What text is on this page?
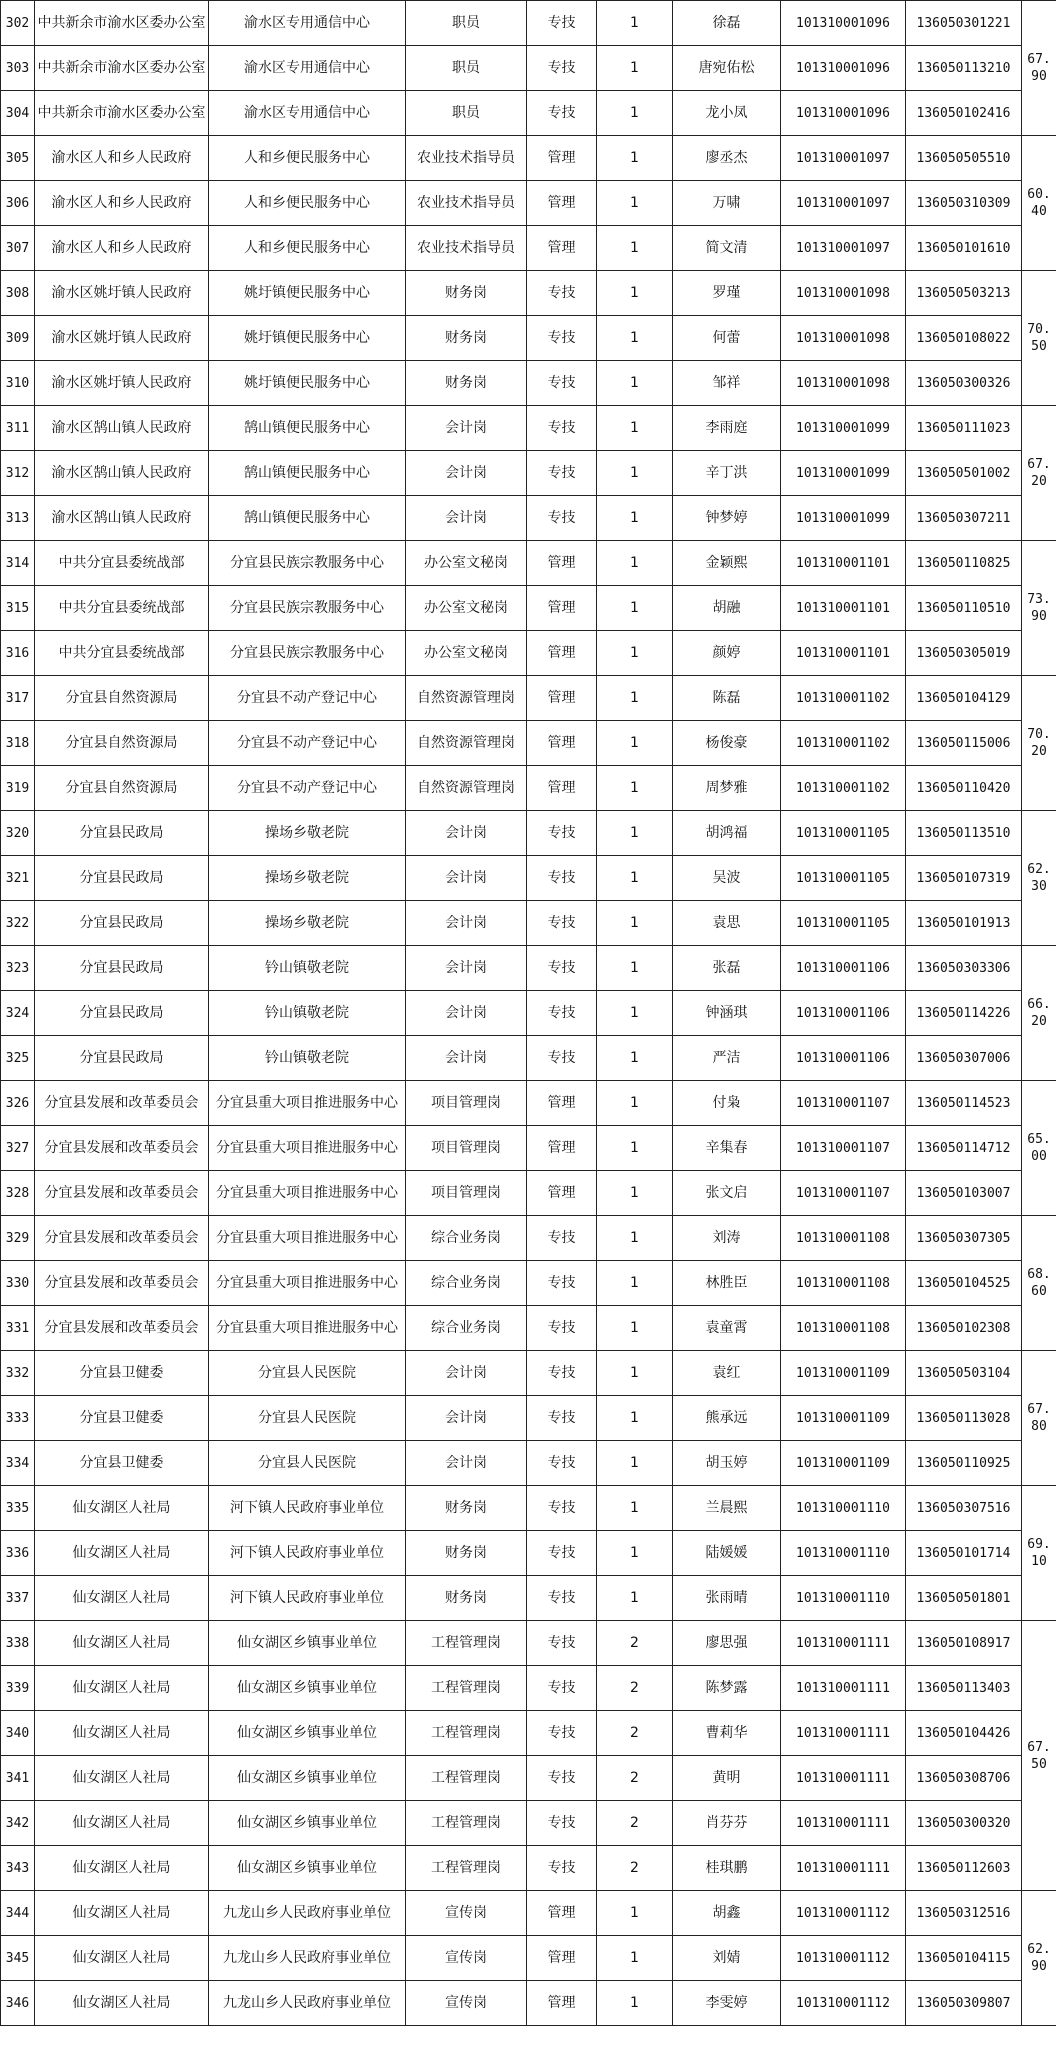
302	中共新余市渝水区委办公室	渝水区专用通信中心	职员	专技	1	徐磊	101310001096	136050301221	67.90
303	中共新余市渝水区委办公室	渝水区专用通信中心	职员	专技	1	唐宛佑松	101310001096	136050113210	
304	中共新余市渝水区委办公室	渝水区专用通信中心	职员	专技	1	龙小凤	101310001096	136050102416	
305	渝水区人和乡人民政府	人和乡便民服务中心	农业技术指导员	管理	1	廖丞杰	101310001097	136050505510	60.40
306	渝水区人和乡人民政府	人和乡便民服务中心	农业技术指导员	管理	1	万啸	101310001097	136050310309	
307	渝水区人和乡人民政府	人和乡便民服务中心	农业技术指导员	管理	1	简文清	101310001097	136050101610	
308	渝水区姚圩镇人民政府	姚圩镇便民服务中心	财务岗	专技	1	罗瑾	101310001098	136050503213	70.50
309	渝水区姚圩镇人民政府	姚圩镇便民服务中心	财务岗	专技	1	何蕾	101310001098	136050108022	
310	渝水区姚圩镇人民政府	姚圩镇便民服务中心	财务岗	专技	1	邹祥	101310001098	136050300326	
311	渝水区鹄山镇人民政府	鹄山镇便民服务中心	会计岗	专技	1	李雨庭	101310001099	136050111023	67.20
312	渝水区鹄山镇人民政府	鹄山镇便民服务中心	会计岗	专技	1	辛丁洪	101310001099	136050501002	
313	渝水区鹄山镇人民政府	鹄山镇便民服务中心	会计岗	专技	1	钟梦婷	101310001099	136050307211	
314	中共分宜县委统战部	分宜县民族宗教服务中心	办公室文秘岗	管理	1	金颖熙	101310001101	136050110825	73.90
315	中共分宜县委统战部	分宜县民族宗教服务中心	办公室文秘岗	管理	1	胡融	101310001101	136050110510	
316	中共分宜县委统战部	分宜县民族宗教服务中心	办公室文秘岗	管理	1	颜婷	101310001101	136050305019	
317	分宜县自然资源局	分宜县不动产登记中心	自然资源管理岗	管理	1	陈磊	101310001102	136050104129	70.20
318	分宜县自然资源局	分宜县不动产登记中心	自然资源管理岗	管理	1	杨俊豪	101310001102	136050115006	
319	分宜县自然资源局	分宜县不动产登记中心	自然资源管理岗	管理	1	周梦雅	101310001102	136050110420	
320	分宜县民政局	操场乡敬老院	会计岗	专技	1	胡鸿福	101310001105	136050113510	62.30
321	分宜县民政局	操场乡敬老院	会计岗	专技	1	吴波	101310001105	136050107319	
322	分宜县民政局	操场乡敬老院	会计岗	专技	1	袁思	101310001105	136050101913	
323	分宜县民政局	钤山镇敬老院	会计岗	专技	1	张磊	101310001106	136050303306	66.20
324	分宜县民政局	钤山镇敬老院	会计岗	专技	1	钟涵琪	101310001106	136050114226	
325	分宜县民政局	钤山镇敬老院	会计岗	专技	1	严洁	101310001106	136050307006	
326	分宜县发展和改革委员会	分宜县重大项目推进服务中心	项目管理岗	管理	1	付枭	101310001107	136050114523	65.00
327	分宜县发展和改革委员会	分宜县重大项目推进服务中心	项目管理岗	管理	1	辛集春	101310001107	136050114712	
328	分宜县发展和改革委员会	分宜县重大项目推进服务中心	项目管理岗	管理	1	张文启	101310001107	136050103007	
329	分宜县发展和改革委员会	分宜县重大项目推进服务中心	综合业务岗	专技	1	刘涛	101310001108	136050307305	68.60
330	分宜县发展和改革委员会	分宜县重大项目推进服务中心	综合业务岗	专技	1	林胜臣	101310001108	136050104525	
331	分宜县发展和改革委员会	分宜县重大项目推进服务中心	综合业务岗	专技	1	袁童霄	101310001108	136050102308	
332	分宜县卫健委	分宜县人民医院	会计岗	专技	1	袁红	101310001109	136050503104	67.80
333	分宜县卫健委	分宜县人民医院	会计岗	专技	1	熊承远	101310001109	136050113028	
334	分宜县卫健委	分宜县人民医院	会计岗	专技	1	胡玉婷	101310001109	136050110925	
335	仙女湖区人社局	河下镇人民政府事业单位	财务岗	专技	1	兰晨熙	101310001110	136050307516	69.10
336	仙女湖区人社局	河下镇人民政府事业单位	财务岗	专技	1	陆媛媛	101310001110	136050101714	
337	仙女湖区人社局	河下镇人民政府事业单位	财务岗	专技	1	张雨晴	101310001110	136050501801	
338	仙女湖区人社局	仙女湖区乡镇事业单位	工程管理岗	专技	2	廖思强	101310001111	136050108917	67.50
339	仙女湖区人社局	仙女湖区乡镇事业单位	工程管理岗	专技	2	陈梦露	101310001111	136050113403	
340	仙女湖区人社局	仙女湖区乡镇事业单位	工程管理岗	专技	2	曹莉华	101310001111	136050104426	
341	仙女湖区人社局	仙女湖区乡镇事业单位	工程管理岗	专技	2	黄明	101310001111	136050308706	
342	仙女湖区人社局	仙女湖区乡镇事业单位	工程管理岗	专技	2	肖芬芬	101310001111	136050300320	
343	仙女湖区人社局	仙女湖区乡镇事业单位	工程管理岗	专技	2	桂琪鹏	101310001111	136050112603	
344	仙女湖区人社局	九龙山乡人民政府事业单位	宣传岗	管理	1	胡鑫	101310001112	136050312516	62.90
345	仙女湖区人社局	九龙山乡人民政府事业单位	宣传岗	管理	1	刘婧	101310001112	136050104115	
346	仙女湖区人社局	九龙山乡人民政府事业单位	宣传岗	管理	1	李雯婷	101310001112	136050309807	
